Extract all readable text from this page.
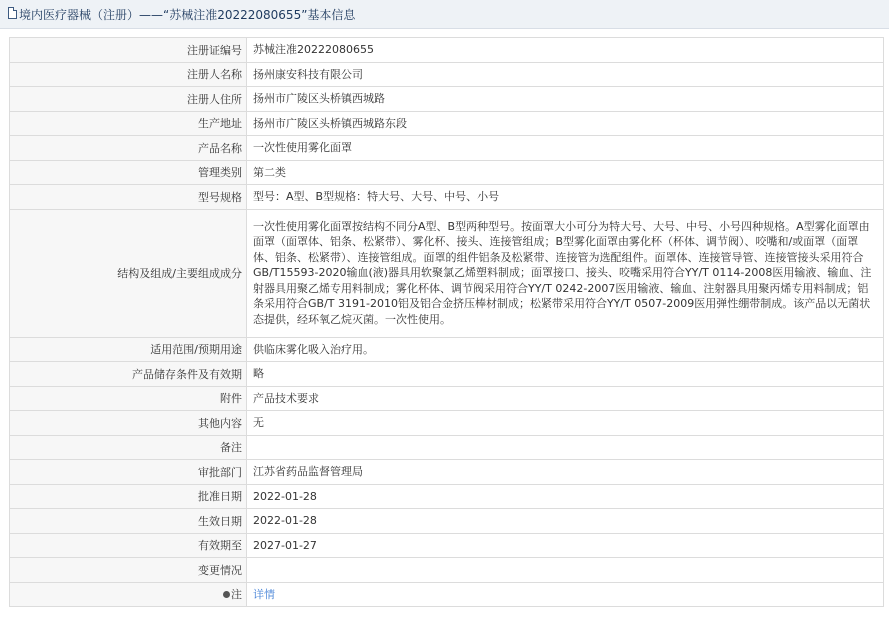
境内医疗器械（注册）——“苏械注准20222080655”基本信息
注册证编号	苏械注准20222080655
注册人名称	扬州康安科技有限公司
注册人住所	扬州市广陵区头桥镇西城路
生产地址	扬州市广陵区头桥镇西城路东段
产品名称	一次性使用雾化面罩
管理类别	第二类
型号规格	型号：A型、B型规格：特大号、大号、中号、小号
结构及组成/主要组成成分	一次性使用雾化面罩按结构不同分A型、B型两种型号。按面罩大小可分为特大号、大号、中号、小号四种规格。A型雾化面罩由面罩（面罩体、铝条、松紧带）、雾化杯、接头、连接管组成；B型雾化面罩由雾化杯（杯体、调节阀）、咬嘴和/或面罩（面罩体、铝条、松紧带）、连接管组成。面罩的组件铝条及松紧带、连接管为选配组件。面罩体、连接管导管、连接管接头采用符合GB/T15593-2020输血(液)器具用软聚氯乙烯塑料制成；面罩接口、接头、咬嘴采用符合YY/T 0114-2008医用输液、输血、注射器具用聚乙烯专用料制成；雾化杯体、调节阀采用符合YY/T 0242-2007医用输液、输血、注射器具用聚丙烯专用料制成；铝条采用符合GB/T 3191-2010铝及铝合金挤压棒材制成；松紧带采用符合YY/T 0507-2009医用弹性绷带制成。该产品以无菌状态提供，经环氧乙烷灭菌。一次性使用。
适用范围/预期用途	供临床雾化吸入治疗用。
产品储存条件及有效期	略
附件	产品技术要求
其他内容	无
备注	
审批部门	江苏省药品监督管理局
批准日期	2022-01-28
生效日期	2022-01-28
有效期至	2027-01-27
变更情况	
注	详情
